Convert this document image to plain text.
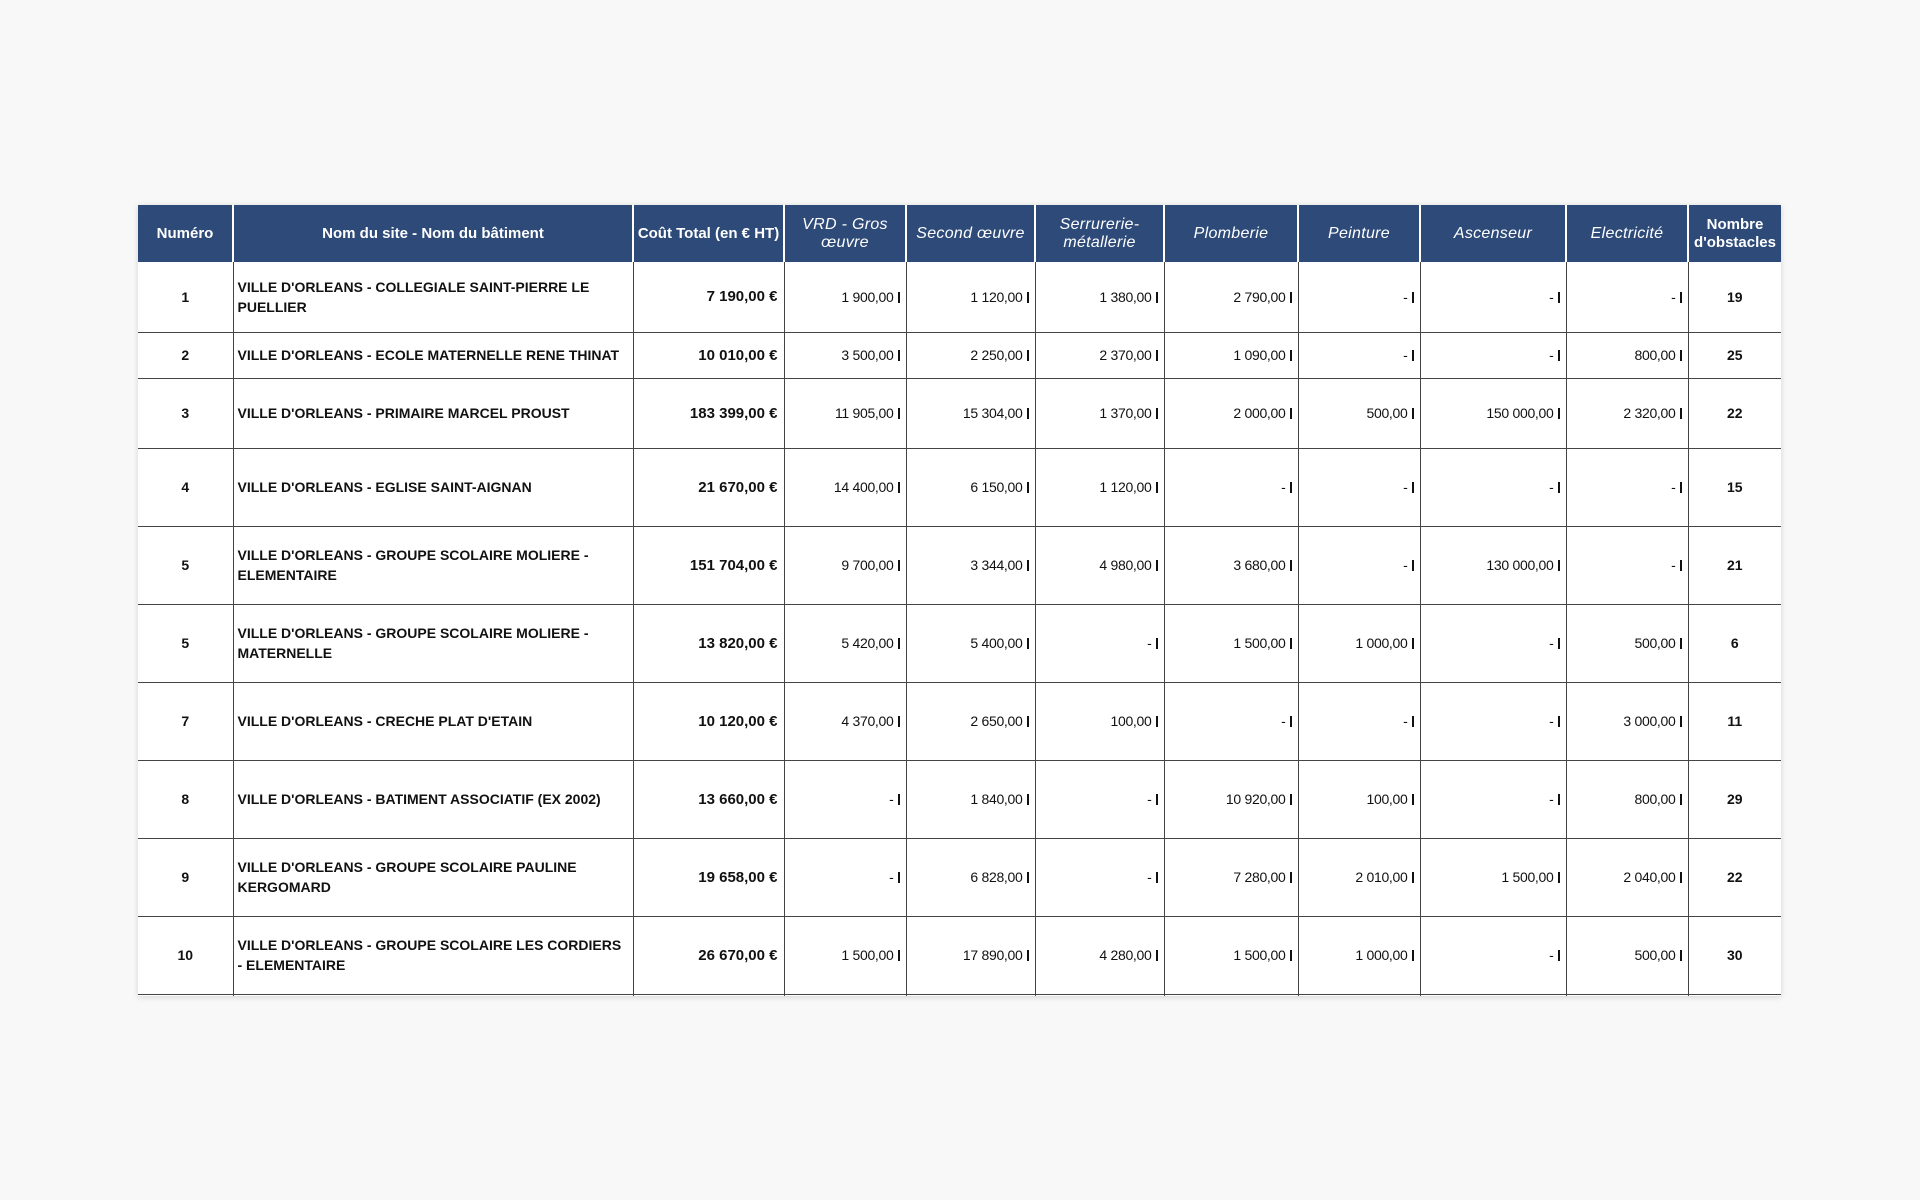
Numéro	Nom du site - Nom du bâtiment	Coût Total (en € HT)	VRD - Gros œuvre	Second œuvre	Serrurerie-métallerie	Plomberie	Peinture	Ascenseur	Electricité	Nombre d'obstacles
1	VILLE D'ORLEANS - COLLEGIALE SAINT-PIERRE LE PUELLIER	7 190,00 €	1 900,00	1 120,00	1 380,00	2 790,00	-	-	-	19
2	VILLE D'ORLEANS - ECOLE MATERNELLE RENE THINAT	10 010,00 €	3 500,00	2 250,00	2 370,00	1 090,00	-	-	800,00	25
3	VILLE D'ORLEANS - PRIMAIRE MARCEL PROUST	183 399,00 €	11 905,00	15 304,00	1 370,00	2 000,00	500,00	150 000,00	2 320,00	22
4	VILLE D'ORLEANS - EGLISE SAINT-AIGNAN	21 670,00 €	14 400,00	6 150,00	1 120,00	-	-	-	-	15
5	VILLE D'ORLEANS - GROUPE SCOLAIRE MOLIERE - ELEMENTAIRE	151 704,00 €	9 700,00	3 344,00	4 980,00	3 680,00	-	130 000,00	-	21
5	VILLE D'ORLEANS - GROUPE SCOLAIRE MOLIERE - MATERNELLE	13 820,00 €	5 420,00	5 400,00	-	1 500,00	1 000,00	-	500,00	6
7	VILLE D'ORLEANS - CRECHE PLAT D'ETAIN	10 120,00 €	4 370,00	2 650,00	100,00	-	-	-	3 000,00	11
8	VILLE D'ORLEANS - BATIMENT ASSOCIATIF (EX 2002)	13 660,00 €	-	1 840,00	-	10 920,00	100,00	-	800,00	29
9	VILLE D'ORLEANS - GROUPE SCOLAIRE PAULINE KERGOMARD	19 658,00 €	-	6 828,00	-	7 280,00	2 010,00	1 500,00	2 040,00	22
10	VILLE D'ORLEANS - GROUPE SCOLAIRE LES CORDIERS - ELEMENTAIRE	26 670,00 €	1 500,00	17 890,00	4 280,00	1 500,00	1 000,00	-	500,00	30
